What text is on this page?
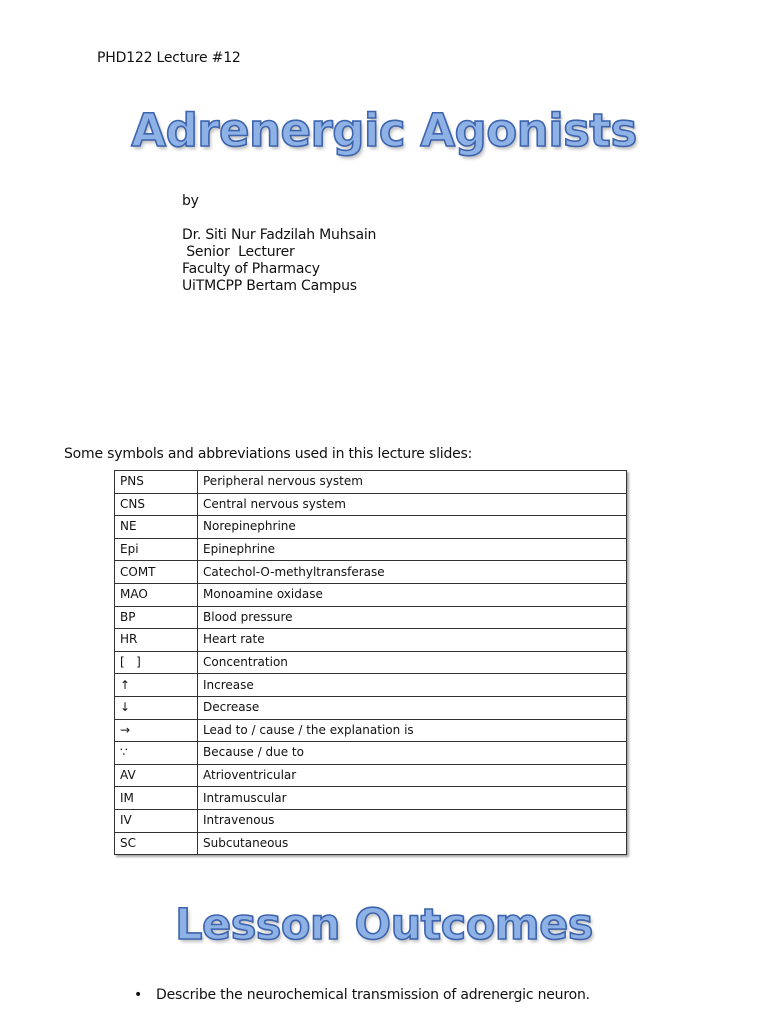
PHD122 Lecture #12
Adrenergic Agonists
by
Dr. Siti Nur Fadzilah Muhsain
Senior  Lecturer
Faculty of Pharmacy
UiTMCPP Bertam Campus
Some symbols and abbreviations used in this lecture slides:
PNS	Peripheral nervous system
CNS	Central nervous system
NE	Norepinephrine
Epi	Epinephrine
COMT	Catechol-O-methyltransferase
MAO	Monoamine oxidase
BP	Blood pressure
HR	Heart rate
[   ]	Concentration
↑	Increase
↓	Decrease
→	Lead to / cause / the explanation is
∵	Because / due to
AV	Atrioventricular
IM	Intramuscular
IV	Intravenous
SC	Subcutaneous
Lesson Outcomes
• Describe the neurochemical transmission of adrenergic neuron.
